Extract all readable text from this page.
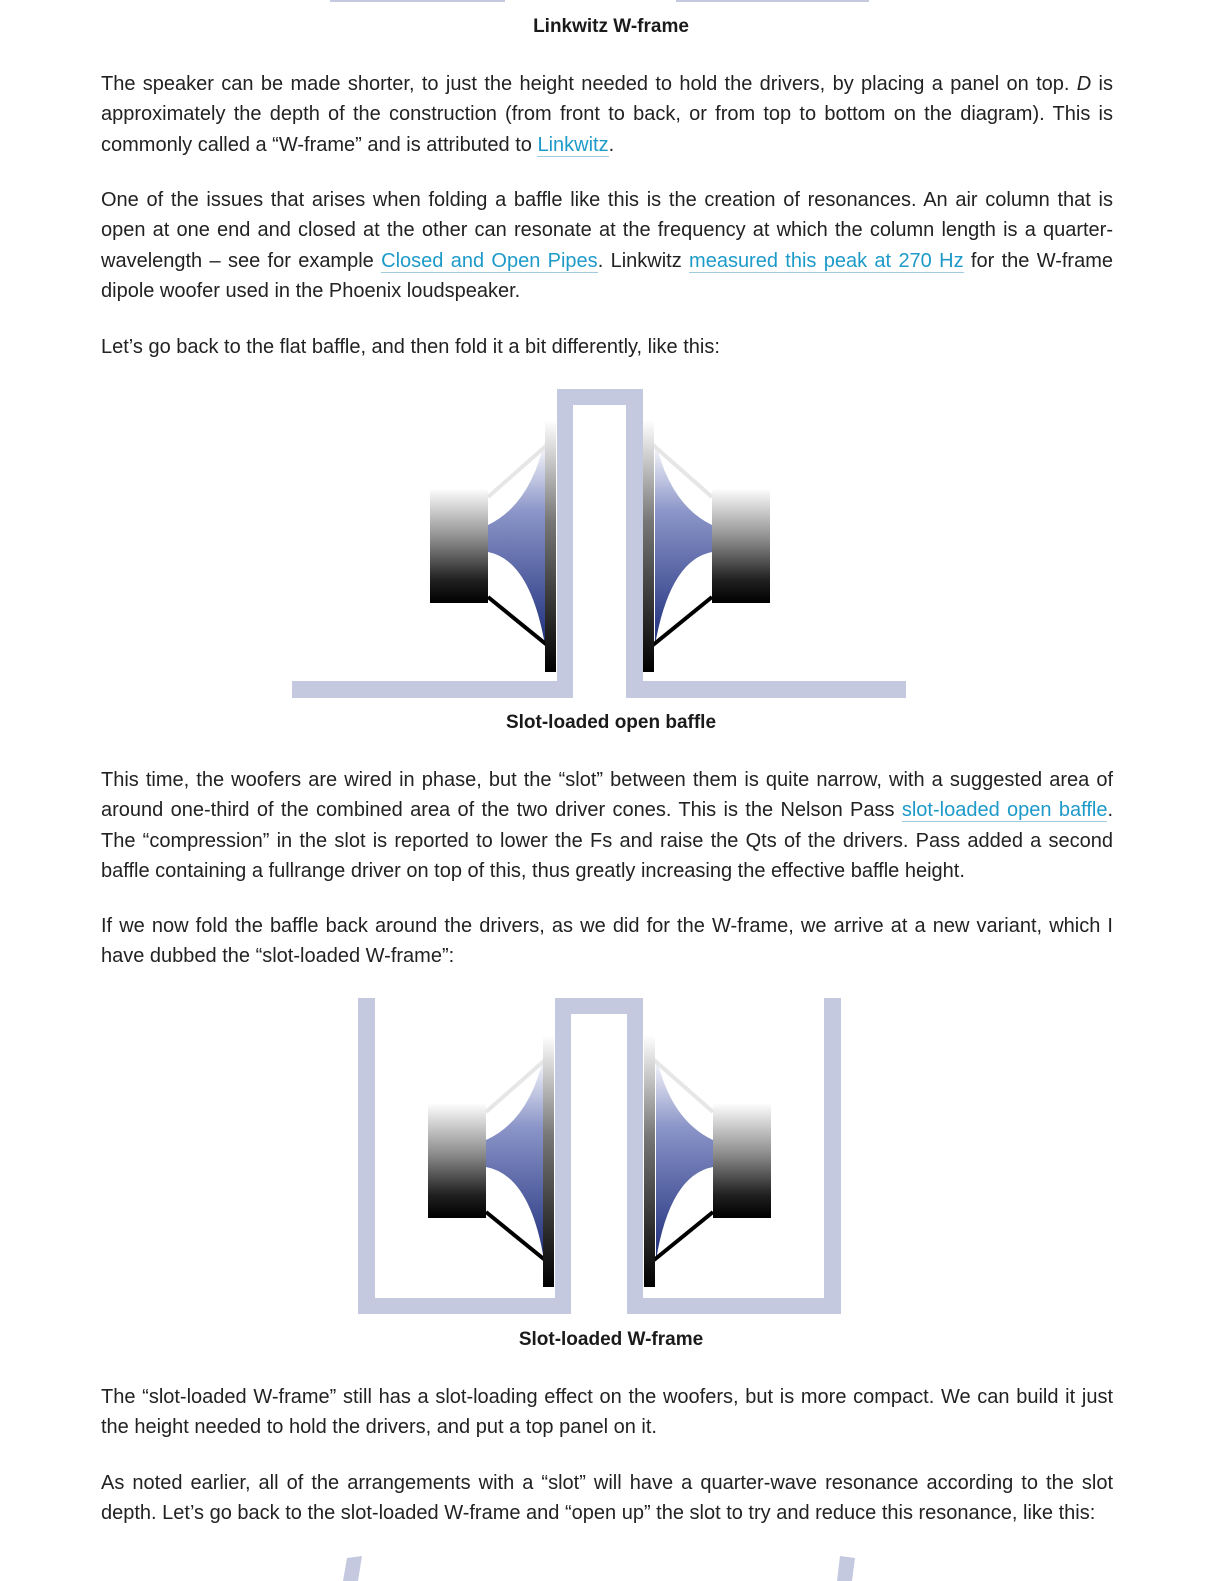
Linkwitz W-frame

The speaker can be made shorter, to just the height needed to hold the drivers, by placing a panel on top. D is approximately the depth of the construction (from front to back, or from top to bottom on the diagram). This is commonly called a “W-frame” and is attributed to Linkwitz.

One of the issues that arises when folding a baffle like this is the creation of resonances. An air column that is open at one end and closed at the other can resonate at the frequency at which the column length is a quarter-wavelength – see for example Closed and Open Pipes. Linkwitz measured this peak at 270 Hz for the W-frame dipole woofer used in the Phoenix loudspeaker.

Let’s go back to the flat baffle, and then fold it a bit differently, like this:

Slot-loaded open baffle

This time, the woofers are wired in phase, but the “slot” between them is quite narrow, with a suggested area of around one-third of the combined area of the two driver cones. This is the Nelson Pass slot-loaded open baffle. The “compression” in the slot is reported to lower the Fs and raise the Qts of the drivers. Pass added a second baffle containing a fullrange driver on top of this, thus greatly increasing the effective baffle height.

If we now fold the baffle back around the drivers, as we did for the W-frame, we arrive at a new variant, which I have dubbed the “slot-loaded W-frame”:

Slot-loaded W-frame

The “slot-loaded W-frame” still has a slot-loading effect on the woofers, but is more compact. We can build it just the height needed to hold the drivers, and put a top panel on it.

As noted earlier, all of the arrangements with a “slot” will have a quarter-wave resonance according to the slot depth. Let’s go back to the slot-loaded W-frame and “open up” the slot to try and reduce this resonance, like this:
